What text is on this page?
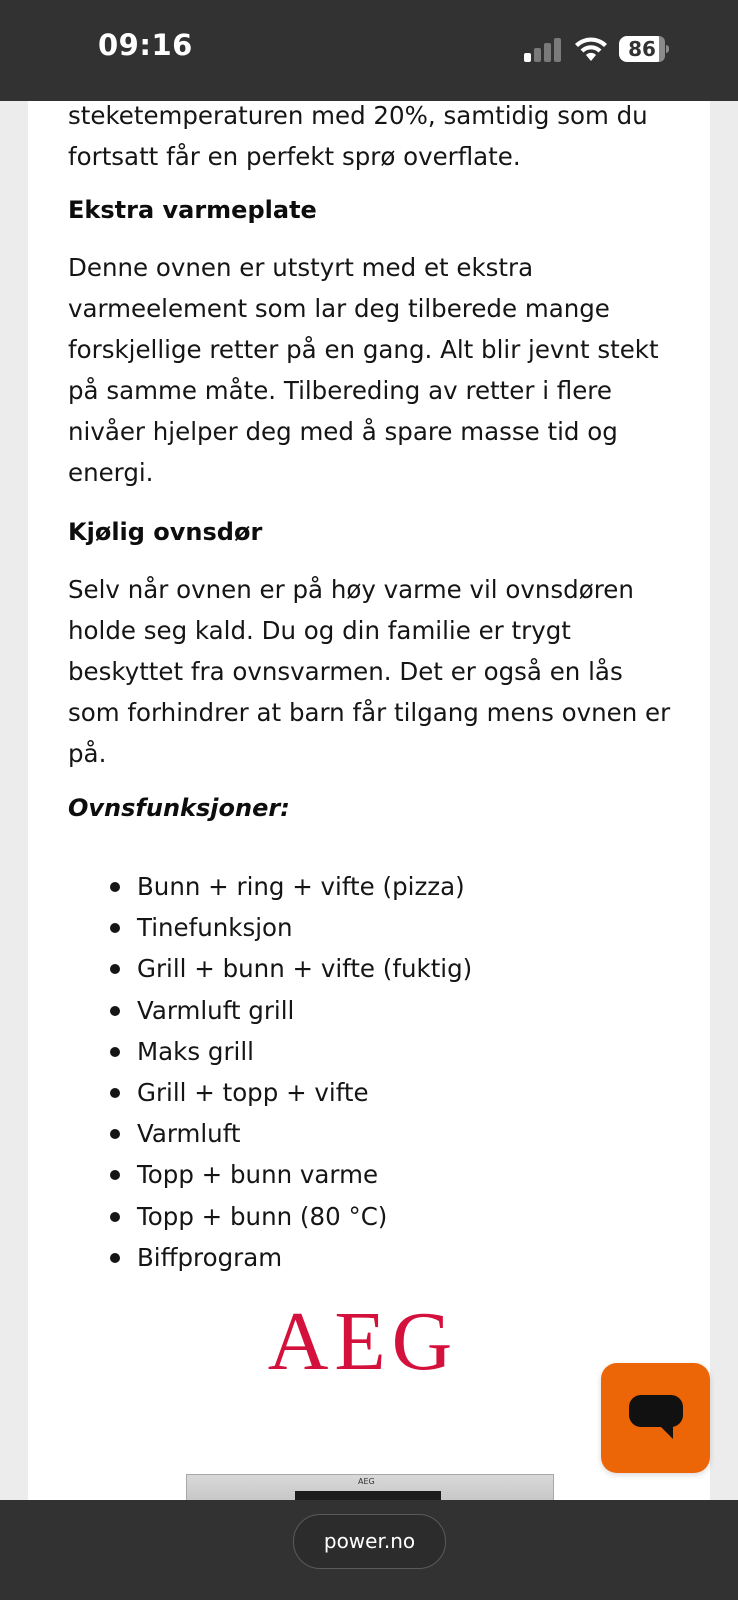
09:16	86

steketemperaturen med 20%, samtidig som du

fortsatt får en perfekt sprø overflate.

Ekstra varmeplate

Denne ovnen er utstyrt med et ekstra

varmeelement som lar deg tilberede mange

forskjellige retter på en gang. Alt blir jevnt stekt

på samme måte. Tilbereding av retter i flere

nivåer hjelper deg med å spare masse tid og

energi.

Kjølig ovnsdør

Selv når ovnen er på høy varme vil ovnsdøren

holde seg kald. Du og din familie er trygt

beskyttet fra ovnsvarmen. Det er også en lås

som forhindrer at barn får tilgang mens ovnen er

på.

Ovnsfunksjoner:
Bunn + ring + vifte (pizza)
Tinefunksjon
Grill + bunn + vifte (fuktig)
Varmluft grill
Maks grill
Grill + topp + vifte
Varmluft
Topp + bunn varme
Topp + bunn (80 °C)
Biffprogram
AEG
AEG
power.no
